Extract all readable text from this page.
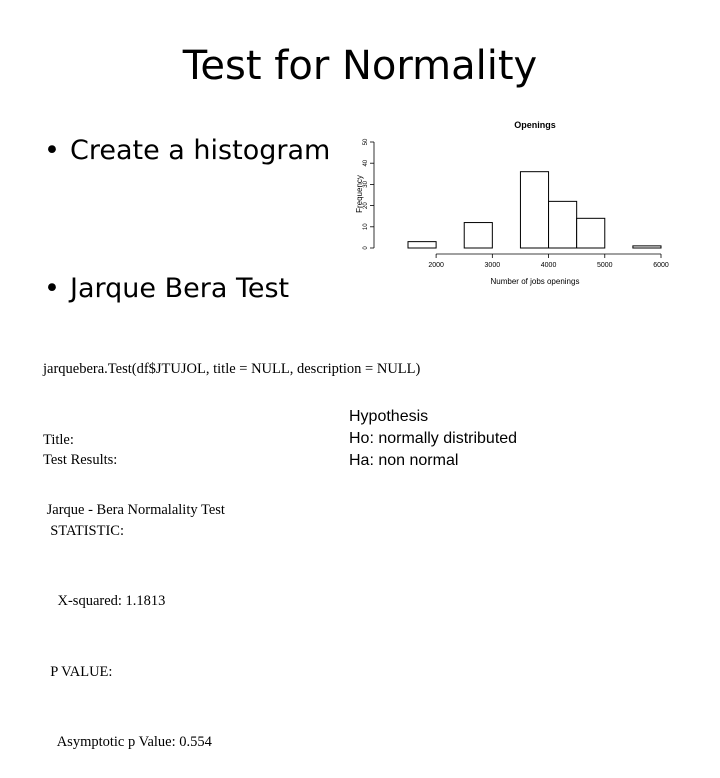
Test for Normality
• Create a histogram
• Jarque Bera Test
Openings
Frequency
Number of jobs openings
2000	3000	4000	5000	6000
0
10
20
30
40
50

jarquebera.Test(df$JTUJOL, title = NULL, description = NULL)

Title:

Jarque - Bera Normalality Test

Test Results:

STATISTIC:

X-squared: 1.1813

P VALUE:

Asymptotic p Value: 0.554

Hypothesis
Ho: normally distributed
Ha: non normal
